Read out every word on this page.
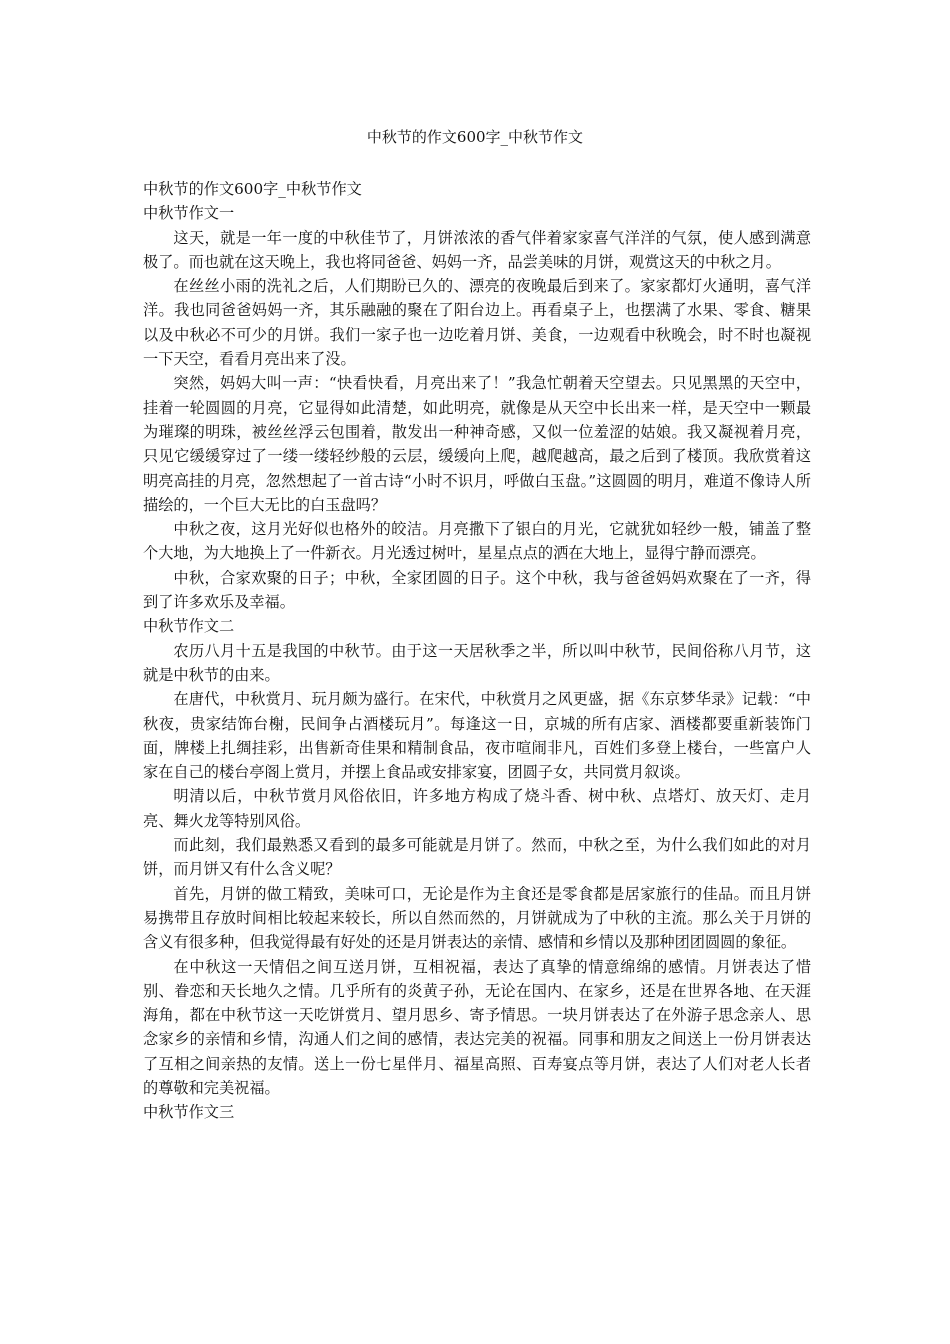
中秋节的作文600字_中秋节作文

中秋节的作文600字_中秋节作文

中秋节作文一

这天，就是一年一度的中秋佳节了，月饼浓浓的香气伴着家家喜气洋洋的气氛，使人感到满意极了。而也就在这天晚上，我也将同爸爸、妈妈一齐，品尝美味的月饼，观赏这天的中秋之月。

在丝丝小雨的洗礼之后，人们期盼已久的、漂亮的夜晚最后到来了。家家都灯火通明，喜气洋洋。我也同爸爸妈妈一齐，其乐融融的聚在了阳台边上。再看桌子上，也摆满了水果、零食、糖果以及中秋必不可少的月饼。我们一家子也一边吃着月饼、美食，一边观看中秋晚会，时不时也凝视一下天空，看看月亮出来了没。

突然，妈妈大叫一声：“快看快看，月亮出来了！”我急忙朝着天空望去。只见黑黑的天空中，挂着一轮圆圆的月亮，它显得如此清楚，如此明亮，就像是从天空中长出来一样，是天空中一颗最为璀璨的明珠，被丝丝浮云包围着，散发出一种神奇感，又似一位羞涩的姑娘。我又凝视着月亮，只见它缓缓穿过了一缕一缕轻纱般的云层，缓缓向上爬，越爬越高，最之后到了楼顶。我欣赏着这明亮高挂的月亮，忽然想起了一首古诗“小时不识月，呼做白玉盘。”这圆圆的明月，难道不像诗人所描绘的，一个巨大无比的白玉盘吗？

中秋之夜，这月光好似也格外的皎洁。月亮撒下了银白的月光，它就犹如轻纱一般，铺盖了整个大地，为大地换上了一件新衣。月光透过树叶，星星点点的洒在大地上，显得宁静而漂亮。

中秋，合家欢聚的日子；中秋，全家团圆的日子。这个中秋，我与爸爸妈妈欢聚在了一齐，得到了许多欢乐及幸福。

中秋节作文二

农历八月十五是我国的中秋节。由于这一天居秋季之半，所以叫中秋节，民间俗称八月节，这就是中秋节的由来。

在唐代，中秋赏月、玩月颇为盛行。在宋代，中秋赏月之风更盛，据《东京梦华录》记载：“中秋夜，贵家结饰台榭，民间争占酒楼玩月”。每逢这一日，京城的所有店家、酒楼都要重新装饰门面，牌楼上扎绸挂彩，出售新奇佳果和精制食品，夜市喧闹非凡，百姓们多登上楼台，一些富户人家在自己的楼台亭阁上赏月，并摆上食品或安排家宴，团圆子女，共同赏月叙谈。

明清以后，中秋节赏月风俗依旧，许多地方构成了烧斗香、树中秋、点塔灯、放天灯、走月亮、舞火龙等特别风俗。

而此刻，我们最熟悉又看到的最多可能就是月饼了。然而，中秋之至，为什么我们如此的对月饼，而月饼又有什么含义呢？

首先，月饼的做工精致，美味可口，无论是作为主食还是零食都是居家旅行的佳品。而且月饼易携带且存放时间相比较起来较长，所以自然而然的，月饼就成为了中秋的主流。那么关于月饼的含义有很多种，但我觉得最有好处的还是月饼表达的亲情、感情和乡情以及那种团团圆圆的象征。

在中秋这一天情侣之间互送月饼，互相祝福，表达了真挚的情意绵绵的感情。月饼表达了惜别、眷恋和天长地久之情。几乎所有的炎黄子孙，无论在国内、在家乡，还是在世界各地、在天涯海角，都在中秋节这一天吃饼赏月、望月思乡、寄予情思。一块月饼表达了在外游子思念亲人、思念家乡的亲情和乡情，沟通人们之间的感情，表达完美的祝福。同事和朋友之间送上一份月饼表达了互相之间亲热的友情。送上一份七星伴月、福星高照、百寿宴点等月饼，表达了人们对老人长者的尊敬和完美祝福。

中秋节作文三
